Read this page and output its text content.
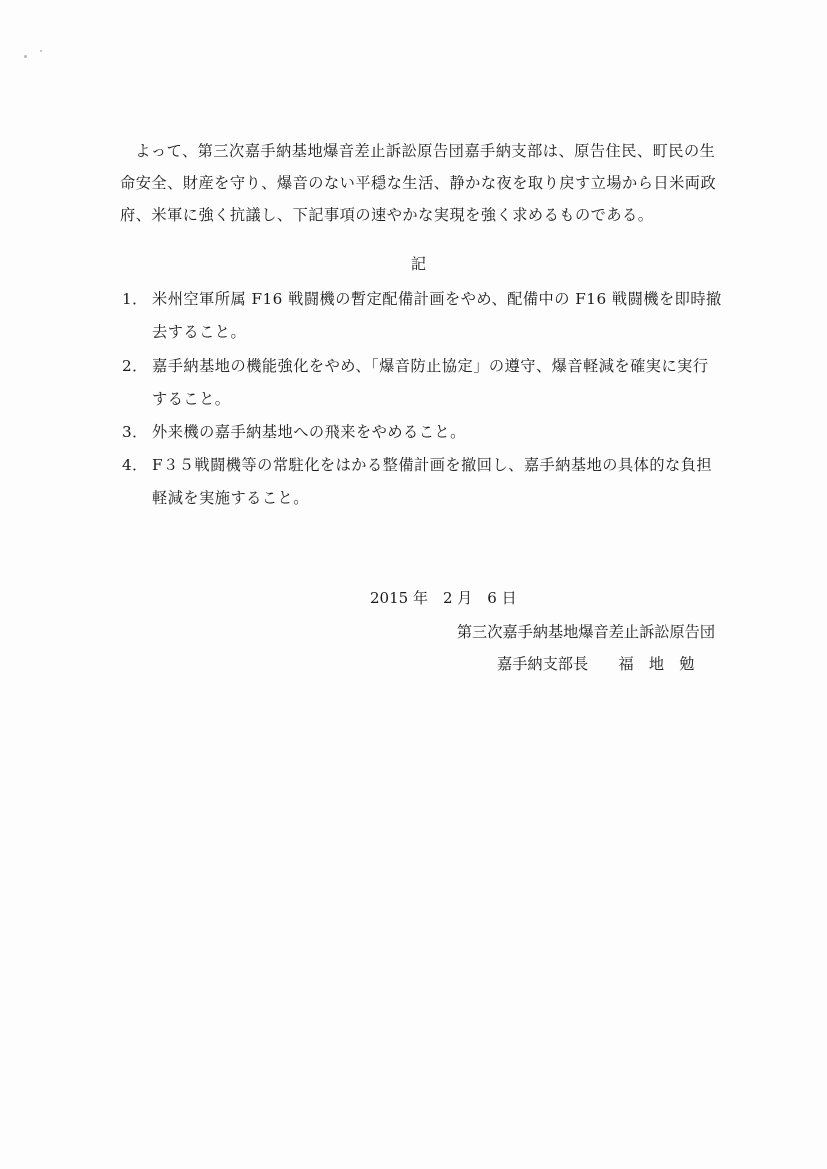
よって、第三次嘉手納基地爆音差止訴訟原告団嘉手納支部は、原告住民、町民の生命安全、財産を守り、爆音のない平穏な生活、静かな夜を取り戻す立場から日米両政府、米軍に強く抗議し、下記事項の速やかな実現を強く求めるものである。

記

1． 米州空軍所属 F16 戦闘機の暫定配備計画をやめ、配備中の F16 戦闘機を即時撤去すること。
2． 嘉手納基地の機能強化をやめ、「爆音防止協定」の遵守、爆音軽減を確実に実行すること。
3． 外来機の嘉手納基地への飛来をやめること。
4． F３５戦闘機等の常駐化をはかる整備計画を撤回し、嘉手納基地の具体的な負担軽減を実施すること。

2015 年　2 月　6 日

第三次嘉手納基地爆音差止訴訟原告団

嘉手納支部長　　 福　地　勉
